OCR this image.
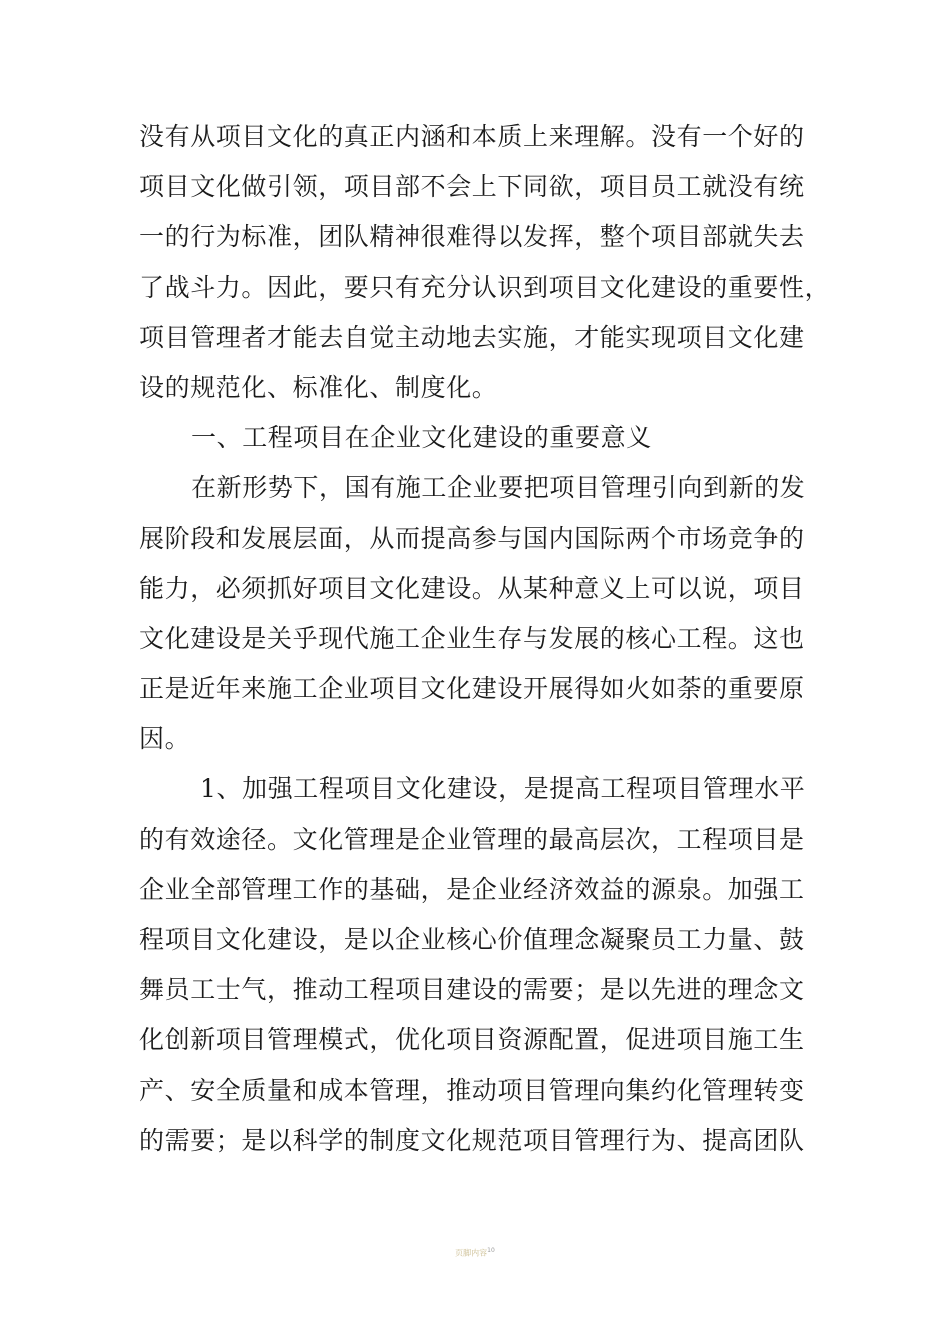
没有从项目文化的真正内涵和本质上来理解。没有一个好的
项目文化做引领，项目部不会上下同欲，项目员工就没有统
一的行为标准，团队精神很难得以发挥，整个项目部就失去
了战斗力。因此，要只有充分认识到项目文化建设的重要性，
项目管理者才能去自觉主动地去实施，才能实现项目文化建
设的规范化、标准化、制度化。
一、工程项目在企业文化建设的重要意义
在新形势下，国有施工企业要把项目管理引向到新的发
展阶段和发展层面，从而提高参与国内国际两个市场竞争的
能力，必须抓好项目文化建设。从某种意义上可以说，项目
文化建设是关乎现代施工企业生存与发展的核心工程。这也
正是近年来施工企业项目文化建设开展得如火如荼的重要原
因。
1、加强工程项目文化建设，是提高工程项目管理水平
的有效途径。文化管理是企业管理的最高层次，工程项目是
企业全部管理工作的基础，是企业经济效益的源泉。加强工
程项目文化建设，是以企业核心价值理念凝聚员工力量、鼓
舞员工士气，推动工程项目建设的需要；是以先进的理念文
化创新项目管理模式，优化项目资源配置，促进项目施工生
产、安全质量和成本管理，推动项目管理向集约化管理转变
的需要；是以科学的制度文化规范项目管理行为、提高团队
页脚内容$^{10}$
